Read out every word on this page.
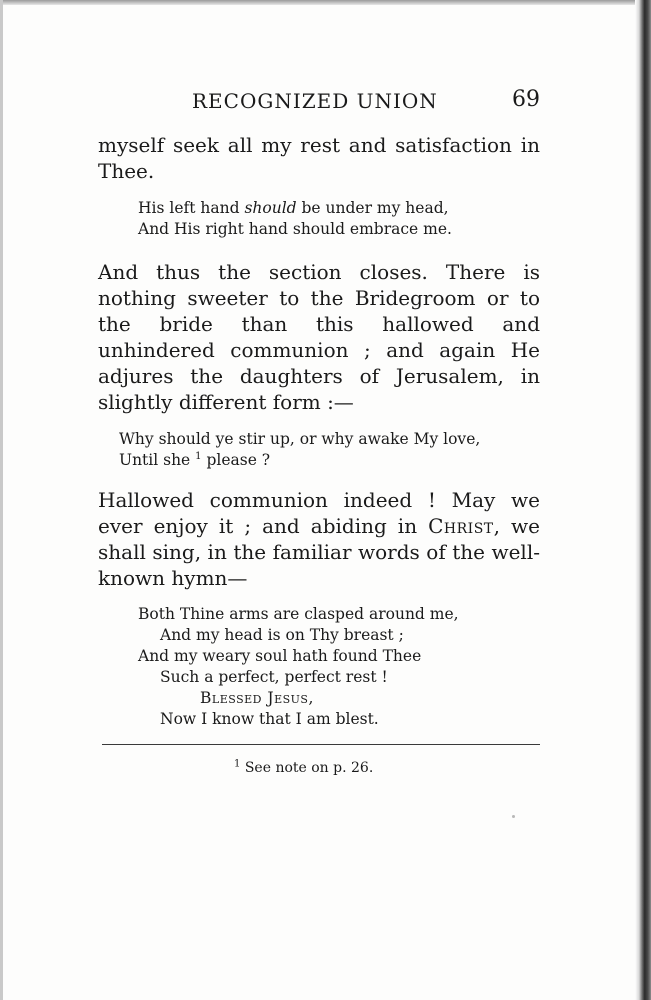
RECOGNIZED UNION	69

myself seek all my rest and satisfaction in Thee.

His left hand should be under my head,
And His right hand should embrace me.

And thus the section closes. There is nothing sweeter to the Bridegroom or to the bride than this hallowed and unhindered communion ; and again He adjures the daughters of Jerusalem, in slightly different form :—

Why should ye stir up, or why awake My love,
Until she $^1$ please ?

Hallowed communion indeed ! May we ever enjoy it ; and abiding in Christ, we shall sing, in the familiar words of the well-known hymn—

Both Thine arms are clasped around me,
And my head is on Thy breast ;
And my weary soul hath found Thee
Such a perfect, perfect rest !
Blessed Jesus,
Now I know that I am blest.
$^1$ See note on p. 26.
